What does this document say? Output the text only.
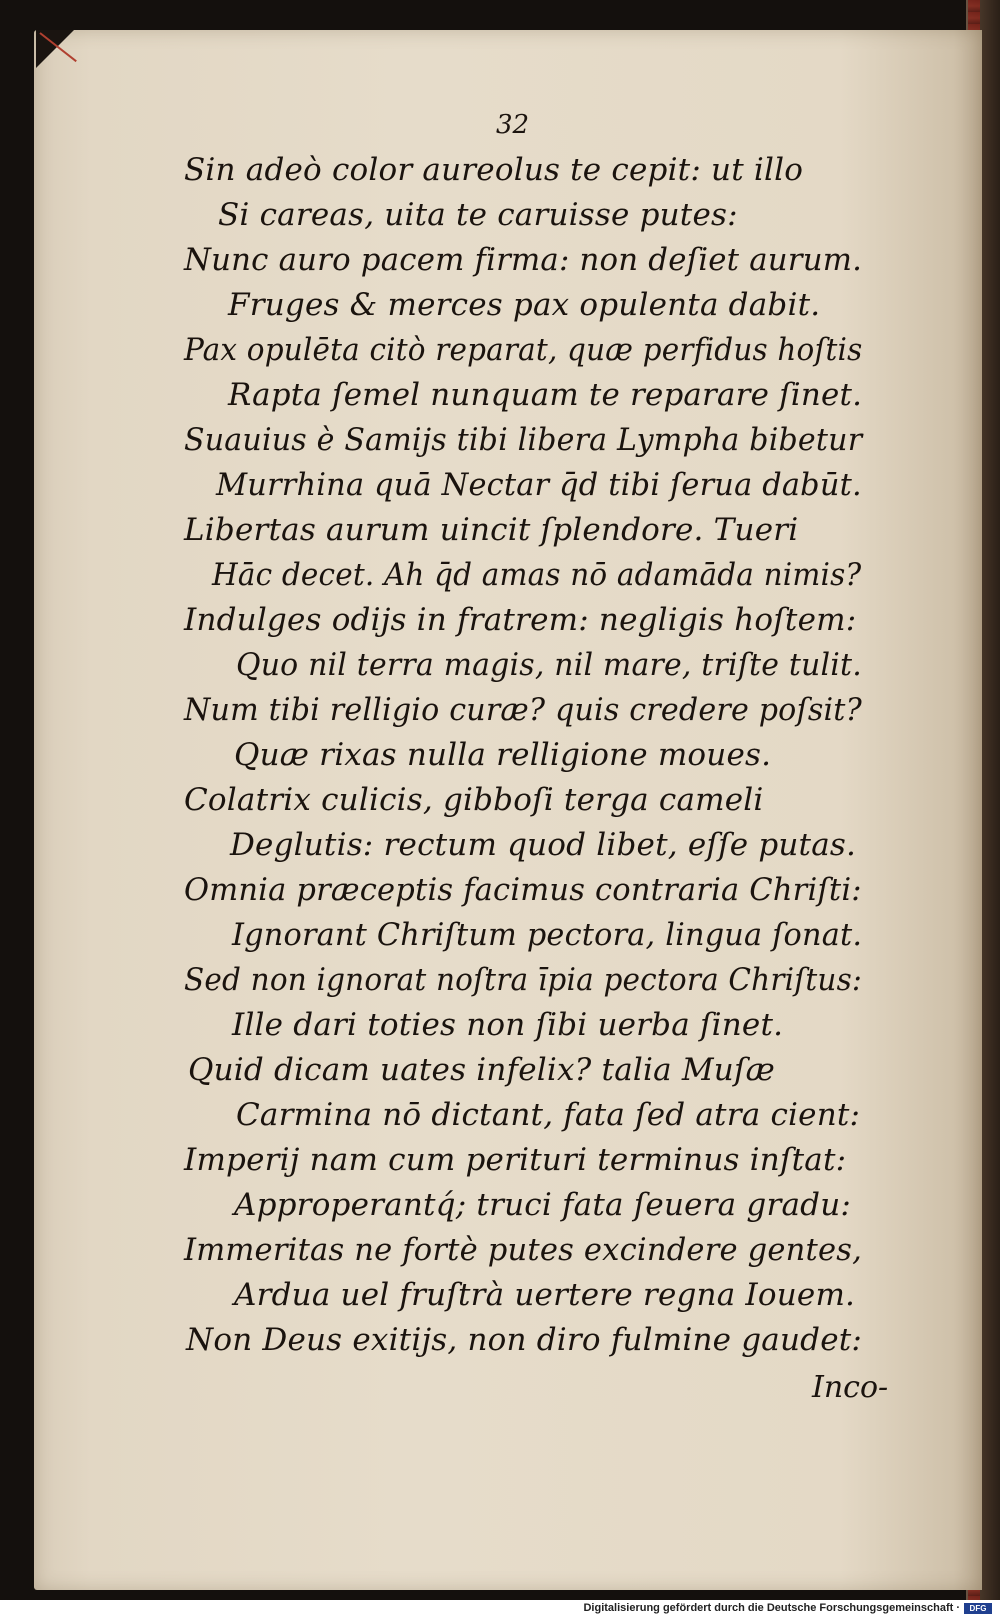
32
Sin adeò color aureolus te cepit: ut illo
Si careas, uita te caruisse putes:
Nunc auro pacem firma: non deſiet aurum.
Fruges & merces pax opulenta dabit.
Pax opulēta citò reparat, quæ perfidus hoſtis
Rapta ſemel nunquam te reparare ſinet.
Suauius è Samijs tibi libera Lympha bibetur
Murrhina quā Nectar q̄d tibi ſerua dabūt.
Libertas aurum uincit ſplendore. Tueri
Hāc decet. Ah q̄d amas nō adamāda nimis?
Indulges odijs in fratrem: negligis hoſtem:
Quo nil terra magis, nil mare, triſte tulit.
Num tibi relligio curæ? quis credere poſsit?
Quæ rixas nulla relligione moues.
Colatrix culicis, gibboſi terga cameli
Deglutis: rectum quod libet, eſſe putas.
Omnia præceptis facimus contraria Chriſti:
Ignorant Chriſtum pectora, lingua ſonat.
Sed non ignorat noſtra īpia pectora Chriſtus:
Ille dari toties non ſibi uerba ſinet.
Quid dicam uates infelix? talia Muſæ
Carmina nō dictant, fata ſed atra cient:
Imperij nam cum perituri terminus inſtat:
Approperantq́; truci fata ſeuera gradu:
Immeritas ne fortè putes excindere gentes,
Ardua uel fruſtrà uertere regna Iouem.
Non Deus exitijs, non diro fulmine gaudet:
Inco-
Digitalisierung gefördert durch die Deutsche Forschungsgemeinschaft ·	DFG
